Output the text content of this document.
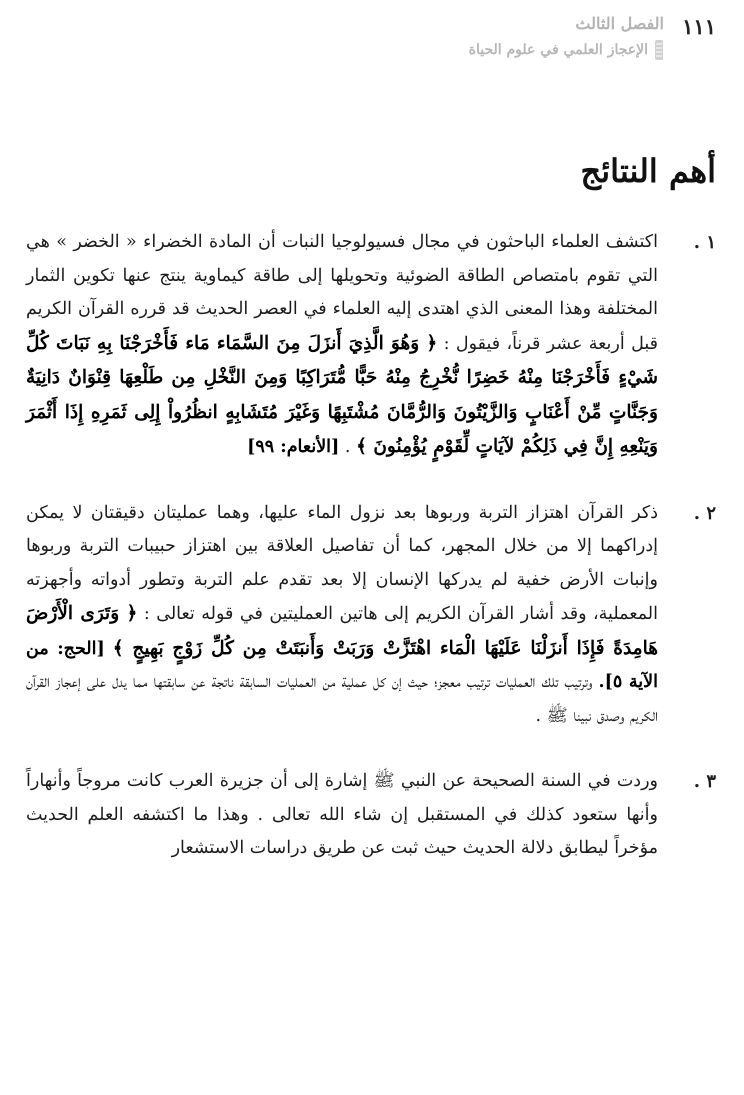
١١١
الفصل الثالث
الإعجاز العلمي في علوم الحياة
أهم النتائج
١ .
اكتشف العلماء الباحثون في مجال فسيولوجيا النبات أن المادة الخضراء « الخضر » هي التي تقوم بامتصاص الطاقة الضوئية وتحويلها إلى طاقة كيماوية ينتج عنها تكوين الثمار المختلفة وهذا المعنى الذي اهتدى إليه العلماء في العصر الحديث قد قرره القرآن الكريم قبل أربعة عشر قرناً، فيقول : ﴿ وَهُوَ الَّذِيَ أَنزَلَ مِنَ السَّمَاء مَاء فَأَخْرَجْنَا بِهِ نَبَاتَ كُلِّ شَيْءٍ فَأَخْرَجْنَا مِنْهُ خَضِرًا نُّخْرِجُ مِنْهُ حَبًّا مُّتَرَاكِبًا وَمِنَ النَّخْلِ مِن طَلْعِهَا قِنْوَانٌ دَانِيَةٌ وَجَنَّاتٍ مِّنْ أَعْنَابٍ وَالزَّيْتُونَ وَالرُّمَّانَ مُشْتَبِهًا وَغَيْرَ مُتَشَابِهٍ انظُرُواْ إِلِى ثَمَرِهِ إِذَا أَثْمَرَ وَيَنْعِهِ إِنَّ فِي ذَلِكُمْ لآيَاتٍ لِّقَوْمٍ يُؤْمِنُونَ ﴾ . [الأنعام: ٩٩]
٢ .
ذكر القرآن اهتزاز التربة وربوها بعد نزول الماء عليها، وهما عمليتان دقيقتان لا يمكن إدراكهما إلا من خلال المجهر، كما أن تفاصيل العلاقة بين اهتزاز حبيبات التربة وربوها وإنبات الأرض خفية لم يدركها الإنسان إلا بعد تقدم علم التربة وتطور أدواته وأجهزته المعملية، وقد أشار القرآن الكريم إلى هاتين العمليتين في قوله تعالى : ﴿ وَتَرَى الْأَرْضَ هَامِدَةً فَإِذَا أَنزَلْنَا عَلَيْهَا الْمَاء اهْتَزَّتْ وَرَبَتْ وَأَنبَتَتْ مِن كُلِّ زَوْجٍ بَهِيجٍ ﴾ [الحج: من الآية ٥]. وترتيب تلك العمليات ترتيب معجز؛ حيث إن كل عملية من العمليات السابقة ناتجة عن سابقتها مما يدل على إعجاز القرآن الكريم وصدق نبينا ﷺ .
٣ .
وردت في السنة الصحيحة عن النبي ﷺ إشارة إلى أن جزيرة العرب كانت مروجاً وأنهاراً وأنها ستعود كذلك في المستقبل إن شاء الله تعالى . وهذا ما اكتشفه العلم الحديث مؤخراً ليطابق دلالة الحديث حيث ثبت عن طريق دراسات الاستشعار
